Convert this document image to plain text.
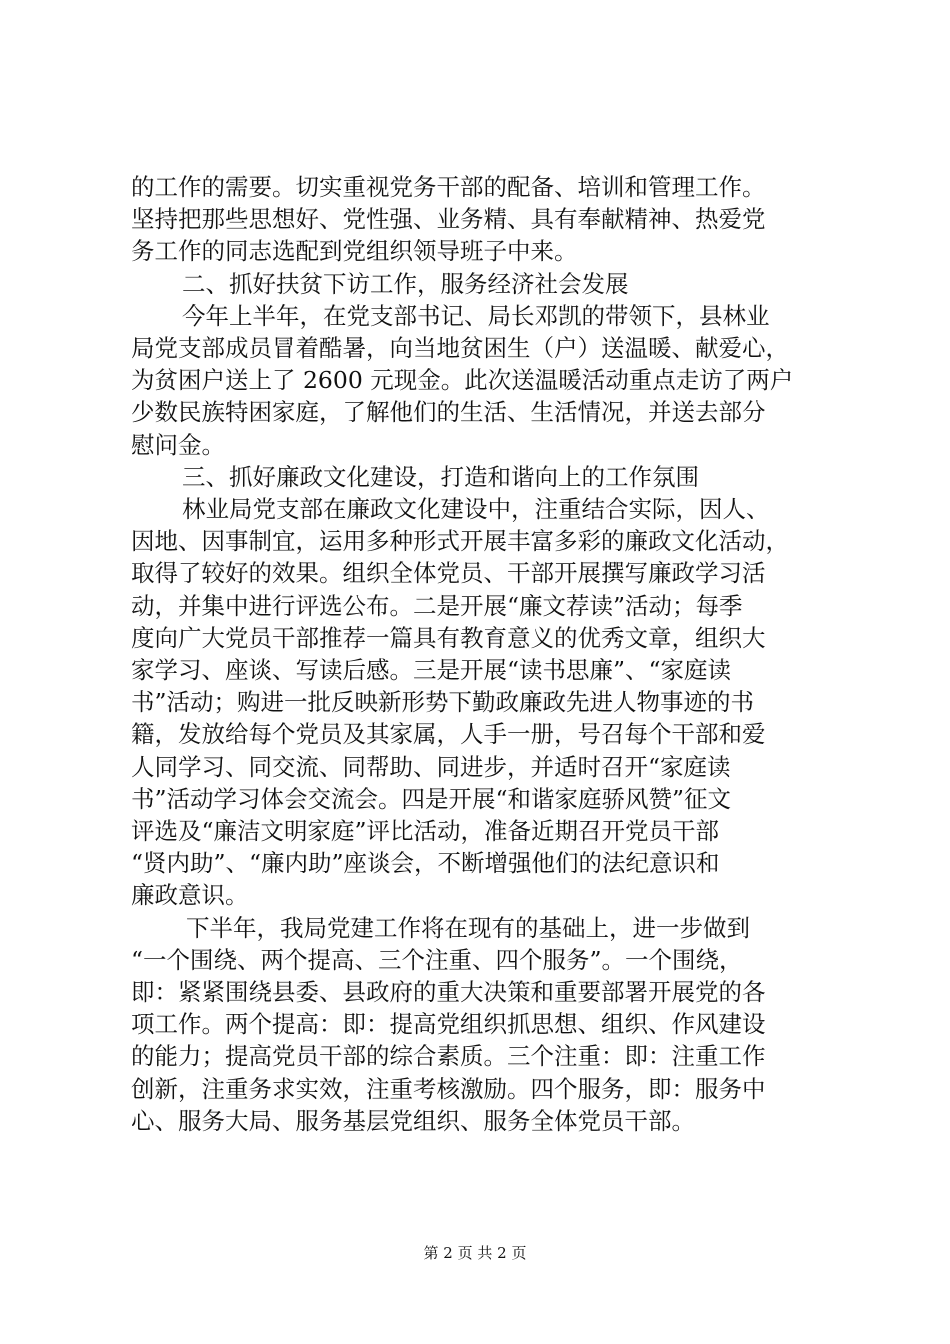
的工作的需要。切实重视党务干部的配备、培训和管理工作。
坚持把那些思想好、党性强、业务精、具有奉献精神、热爱党
务工作的同志选配到党组织领导班子中来。
二、抓好扶贫下访工作，服务经济社会发展
今年上半年，在党支部书记、局长邓凯的带领下，县林业
局党支部成员冒着酷暑，向当地贫困生（户）送温暖、献爱心，
为贫困户送上了 2600 元现金。此次送温暖活动重点走访了两户
少数民族特困家庭，了解他们的生活、生活情况，并送去部分
慰问金。
三、抓好廉政文化建设，打造和谐向上的工作氛围
林业局党支部在廉政文化建设中，注重结合实际，因人、
因地、因事制宜，运用多种形式开展丰富多彩的廉政文化活动，
取得了较好的效果。组织全体党员、干部开展撰写廉政学习活
动，并集中进行评选公布。二是开展“廉文荐读”活动；每季
度向广大党员干部推荐一篇具有教育意义的优秀文章，组织大
家学习、座谈、写读后感。三是开展“读书思廉”、“家庭读
书”活动；购进一批反映新形势下勤政廉政先进人物事迹的书
籍，发放给每个党员及其家属，人手一册，号召每个干部和爱
人同学习、同交流、同帮助、同进步，并适时召开“家庭读
书”活动学习体会交流会。四是开展“和谐家庭骄风赞”征文
评选及“廉洁文明家庭”评比活动，准备近期召开党员干部
“贤内助”、“廉内助”座谈会，不断增强他们的法纪意识和
廉政意识。
下半年，我局党建工作将在现有的基础上，进一步做到
“一个围绕、两个提高、三个注重、四个服务”。一个围绕，
即：紧紧围绕县委、县政府的重大决策和重要部署开展党的各
项工作。两个提高：即：提高党组织抓思想、组织、作风建设
的能力；提高党员干部的综合素质。三个注重：即：注重工作
创新，注重务求实效，注重考核激励。四个服务，即：服务中
心、服务大局、服务基层党组织、服务全体党员干部。
第 2 页 共 2 页
